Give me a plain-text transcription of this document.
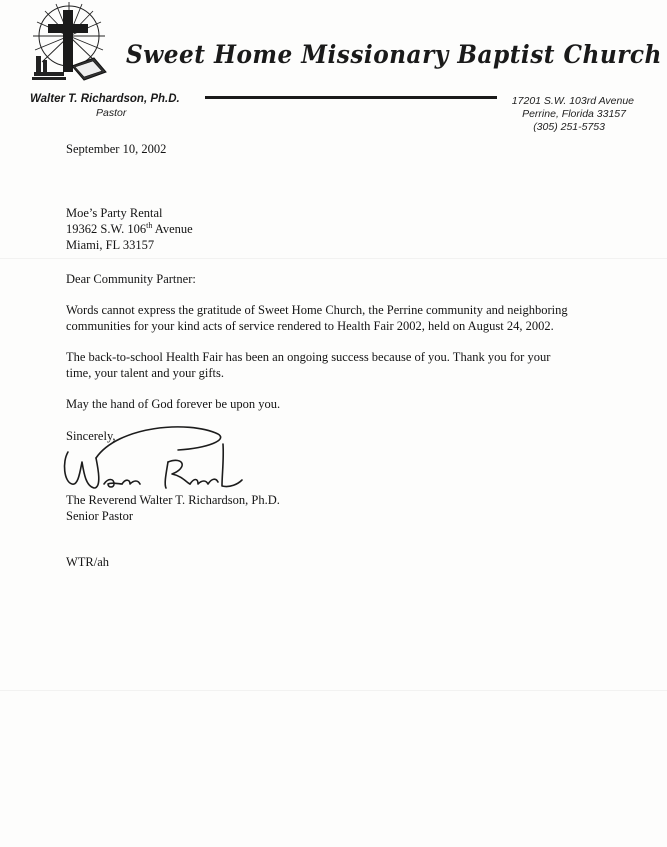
Sweet Home Missionary Baptist Church
Walter T. Richardson, Ph.D.
Pastor
17201 S.W. 103rd Avenue
Perrine, Florida 33157
(305) 251-5753
September 10, 2002
Moe’s Party Rental
19362 S.W. 106th Avenue
Miami, FL 33157
Dear Community Partner:
Words cannot express the gratitude of Sweet Home Church, the Perrine community and neighboring
communities for your kind acts of service rendered to Health Fair 2002, held on August 24, 2002.
The back-to-school Health Fair has been an ongoing success because of you. Thank you for your
time, your talent and your gifts.
May the hand of God forever be upon you.
Sincerely,
The Reverend Walter T. Richardson, Ph.D.
Senior Pastor
WTR/ah
